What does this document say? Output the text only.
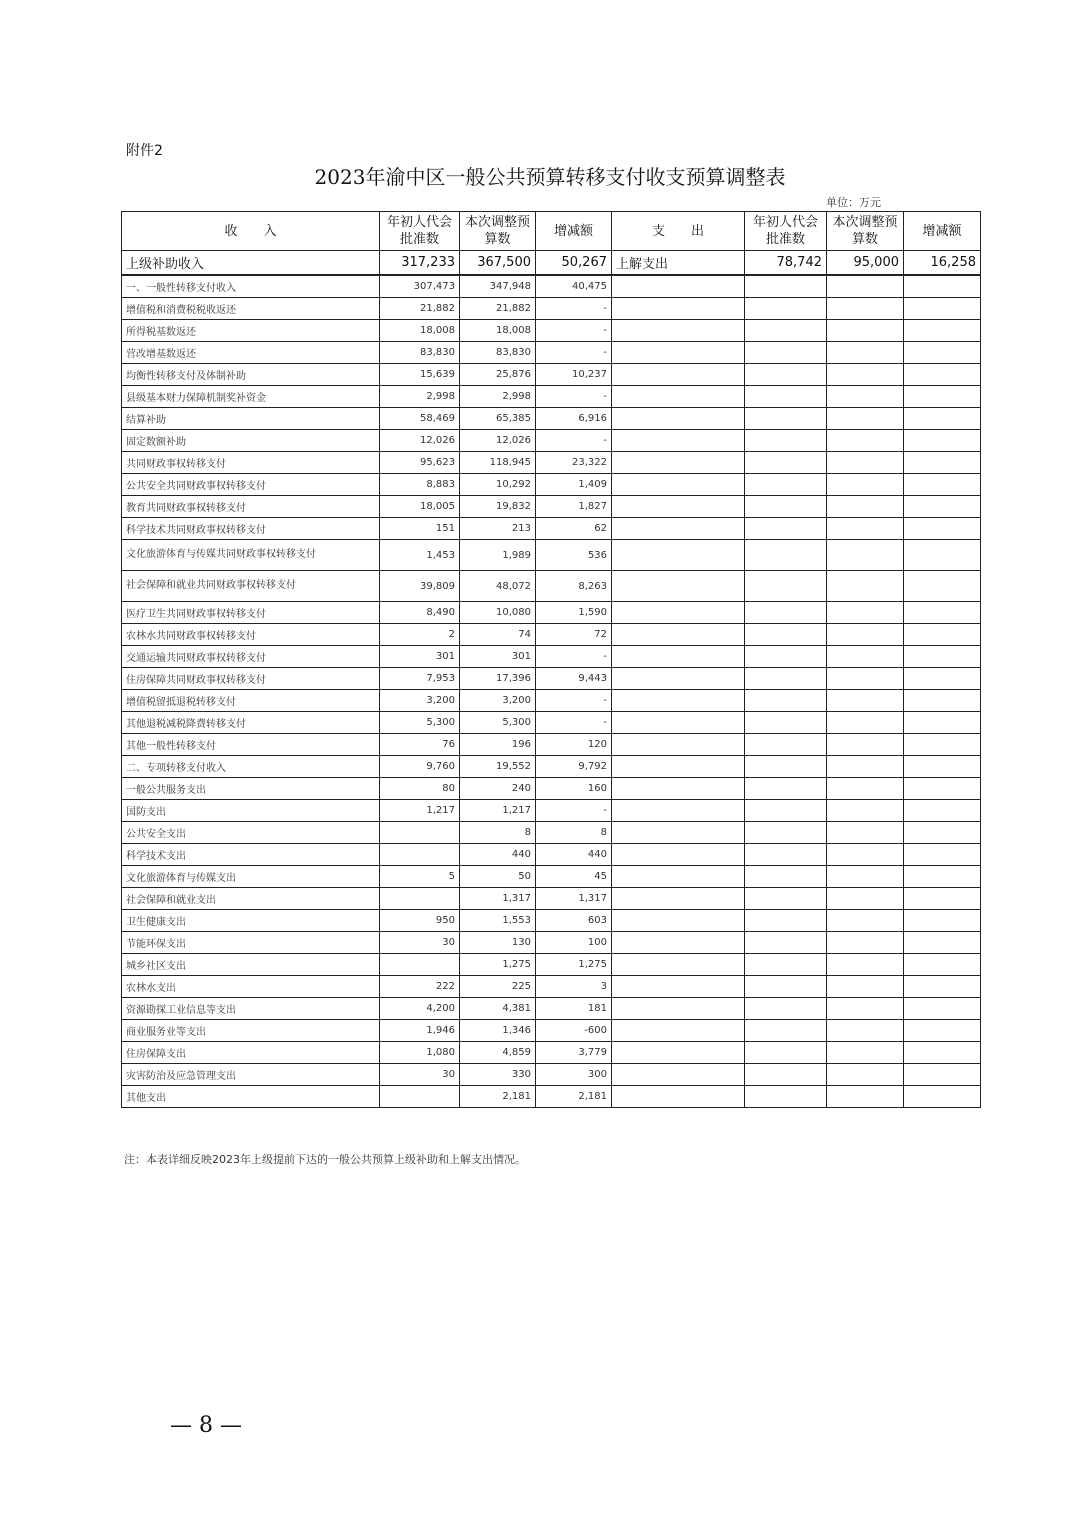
附件2
2023年渝中区一般公共预算转移支付收支预算调整表
单位：万元
收　　入	年初人代会批准数	本次调整预算数	增减额	支　　出	年初人代会批准数	本次调整预算数	增减额
上级补助收入	317,233	367,500	50,267	上解支出	78,742	95,000	16,258
一、一般性转移支付收入	307,473	347,948	40,475				
增值税和消费税税收返还	21,882	21,882	-				
所得税基数返还	18,008	18,008	-				
营改增基数返还	83,830	83,830	-				
均衡性转移支付及体制补助	15,639	25,876	10,237				
县级基本财力保障机制奖补资金	2,998	2,998	-				
结算补助	58,469	65,385	6,916				
固定数额补助	12,026	12,026	-				
共同财政事权转移支付	95,623	118,945	23,322				
公共安全共同财政事权转移支付	8,883	10,292	1,409				
教育共同财政事权转移支付	18,005	19,832	1,827				
科学技术共同财政事权转移支付	151	213	62				
文化旅游体育与传媒共同财政事权转移支付	1,453	1,989	536				
社会保障和就业共同财政事权转移支付	39,809	48,072	8,263				
医疗卫生共同财政事权转移支付	8,490	10,080	1,590				
农林水共同财政事权转移支付	2	74	72				
交通运输共同财政事权转移支付	301	301	-				
住房保障共同财政事权转移支付	7,953	17,396	9,443				
增值税留抵退税转移支付	3,200	3,200	-				
其他退税减税降费转移支付	5,300	5,300	-				
其他一般性转移支付	76	196	120				
二、专项转移支付收入	9,760	19,552	9,792				
一般公共服务支出	80	240	160				
国防支出	1,217	1,217	-				
公共安全支出		8	8				
科学技术支出		440	440				
文化旅游体育与传媒支出	5	50	45				
社会保障和就业支出		1,317	1,317				
卫生健康支出	950	1,553	603				
节能环保支出	30	130	100				
城乡社区支出		1,275	1,275				
农林水支出	222	225	3				
资源勘探工业信息等支出	4,200	4,381	181				
商业服务业等支出	1,946	1,346	-600				
住房保障支出	1,080	4,859	3,779				
灾害防治及应急管理支出	30	330	300				
其他支出		2,181	2,181				
注：本表详细反映2023年上级提前下达的一般公共预算上级补助和上解支出情况。
— 8 —
